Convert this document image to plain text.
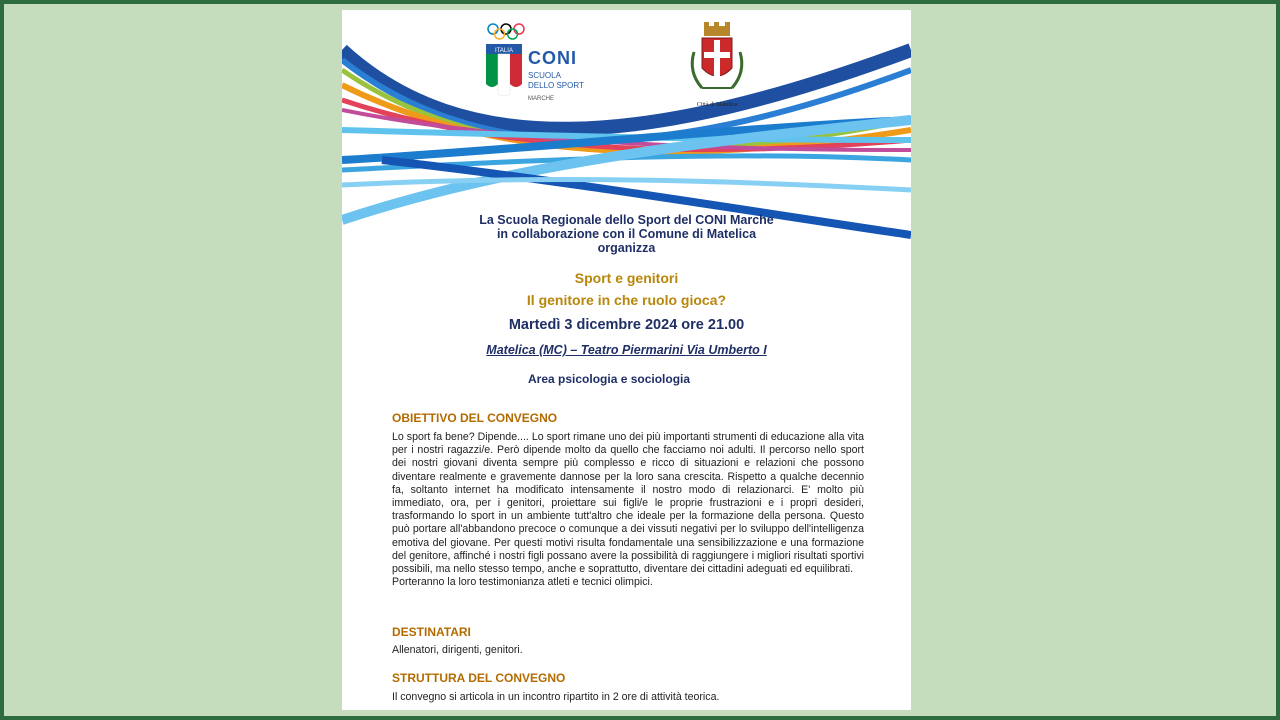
ITALIA CONI
SCUOLA
DELLO SPORT
MARCHE
Città di Matelica
La Scuola Regionale dello Sport del CONI Marche
in collaborazione con il Comune di Matelica
organizza
Sport e genitori
Il genitore in che ruolo gioca?
Martedì 3 dicembre 2024 ore 21.00
Matelica (MC) – Teatro Piermarini Via Umberto I
Area psicologia e sociologia
OBIETTIVO DEL CONVEGNO
Lo sport fa bene? Dipende.... Lo sport rimane uno dei più importanti strumenti di educazione alla vita per i nostri ragazzi/e. Però dipende molto da quello che facciamo noi adulti. Il percorso nello sport dei nostri giovani diventa sempre più complesso e ricco di situazioni e relazioni che possono diventare realmente e gravemente dannose per la loro sana crescita. Rispetto a qualche decennio fa, soltanto internet ha modificato intensamente il nostro modo di relazionarci. E' molto più immediato, ora, per i genitori, proiettare sui figli/e le proprie frustrazioni e i propri desideri, trasformando lo sport in un ambiente tutt'altro che ideale per la formazione della persona. Questo può portare all'abbandono precoce o comunque a dei vissuti negativi per lo sviluppo dell'intelligenza emotiva del giovane. Per questi motivi risulta fondamentale una sensibilizzazione e una formazione del genitore, affinché i nostri figli possano avere la possibilità di raggiungere i migliori risultati sportivi possibili, ma nello stesso tempo, anche e soprattutto, diventare dei cittadini adeguati ed equilibrati.
Porteranno la loro testimonianza atleti e tecnici olimpici.
DESTINATARI
Allenatori, dirigenti, genitori.
STRUTTURA DEL CONVEGNO
Il convegno si articola in un incontro ripartito in 2 ore di attività teorica.
